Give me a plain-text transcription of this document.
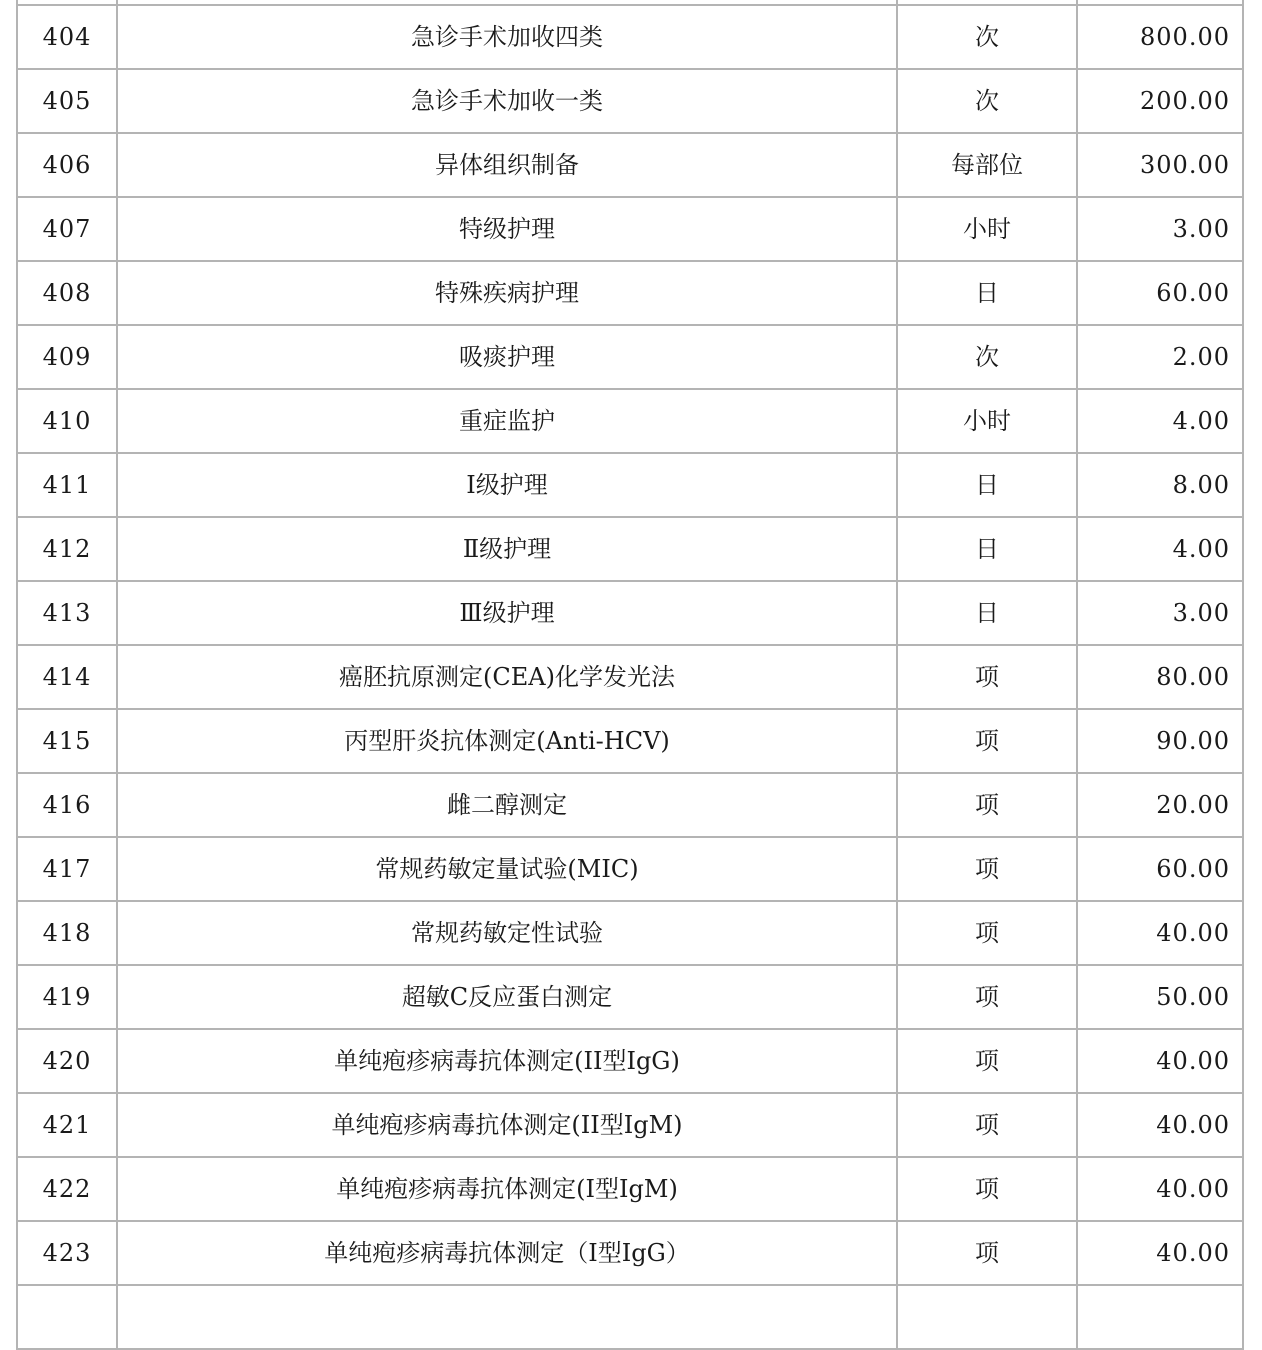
404	急诊手术加收四类	次	800.00
405	急诊手术加收一类	次	200.00
406	异体组织制备	每部位	300.00
407	特级护理	小时	3.00
408	特殊疾病护理	日	60.00
409	吸痰护理	次	2.00
410	重症监护	小时	4.00
411	Ⅰ级护理	日	8.00
412	Ⅱ级护理	日	4.00
413	Ⅲ级护理	日	3.00
414	癌胚抗原测定(CEA)化学发光法	项	80.00
415	丙型肝炎抗体测定(Anti-HCV)	项	90.00
416	雌二醇测定	项	20.00
417	常规药敏定量试验(MIC)	项	60.00
418	常规药敏定性试验	项	40.00
419	超敏C反应蛋白测定	项	50.00
420	单纯疱疹病毒抗体测定(II型IgG)	项	40.00
421	单纯疱疹病毒抗体测定(II型IgM)	项	40.00
422	单纯疱疹病毒抗体测定(I型IgM)	项	40.00
423	单纯疱疹病毒抗体测定（I型IgG）	项	40.00
